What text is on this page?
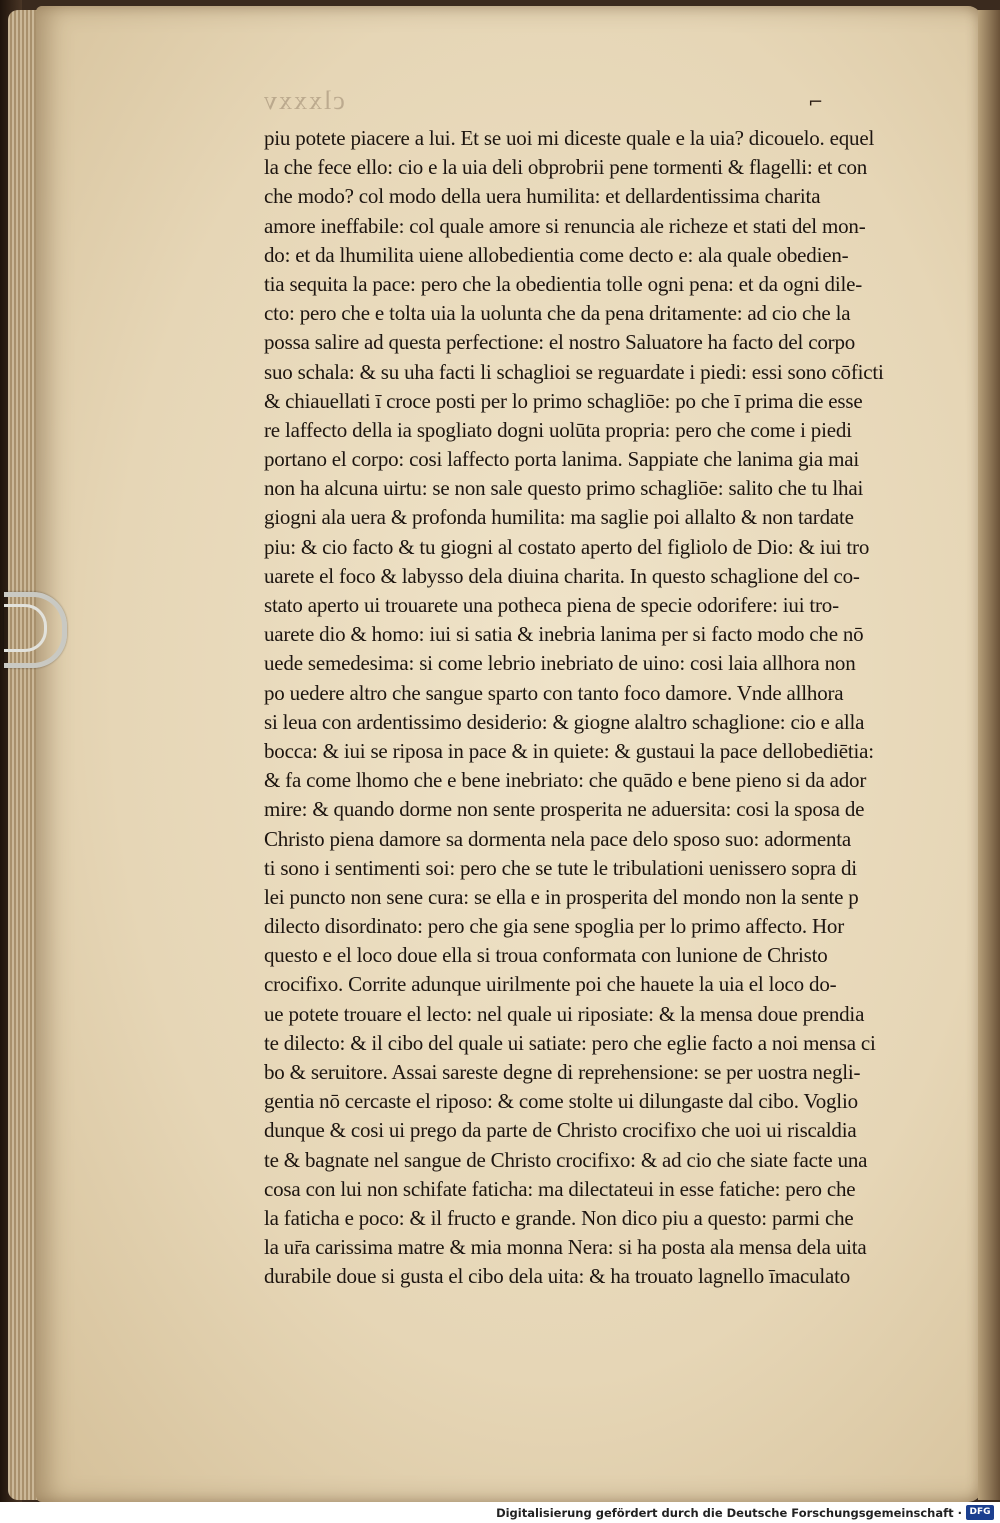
clxxxv	⌐
piu potete piacere a lui. Et se uoi mi diceste quale e la uia? dicouelo. equel
la che fece ello: cio e la uia deli obprobrii pene tormenti & flagelli: et con
che modo? col modo della uera humilita: et dellardentissima charita
amore ineffabile: col quale amore si renuncia ale richeze et stati del mon-
do: et da lhumilita uiene allobedientia come decto e: ala quale obedien-
tia sequita la pace: pero che la obedientia tolle ogni pena: et da ogni dile-
cto: pero che e tolta uia la uolunta che da pena dritamente: ad cio che la
possa salire ad questa perfectione: el nostro Saluatore ha facto del corpo
suo schala: & su uha facti li schaglioi se reguardate i piedi: essi sono cōficti
& chiauellati ī croce posti per lo primo schagliōe: po che ī prima die esse
re laffecto della ia spogliato dogni uolūta propria: pero che come i piedi
portano el corpo: cosi laffecto porta lanima. Sappiate che lanima gia mai
non ha alcuna uirtu: se non sale questo primo schagliōe: salito che tu lhai
giogni ala uera & profonda humilita: ma saglie poi allalto & non tardate
piu: & cio facto & tu giogni al costato aperto del figliolo de Dio: & iui tro
uarete el foco & labysso dela diuina charita. In questo schaglione del co-
stato aperto ui trouarete una potheca piena de specie odorifere: iui tro-
uarete dio & homo: iui si satia & inebria lanima per si facto modo che nō
uede semedesima: si come lebrio inebriato de uino: cosi laia allhora non
po uedere altro che sangue sparto con tanto foco damore. Vnde allhora
si leua con ardentissimo desiderio: & giogne alaltro schaglione: cio e alla
bocca: & iui se riposa in pace & in quiete: & gustaui la pace dellobediētia:
& fa come lhomo che e bene inebriato: che quādo e bene pieno si da ador
mire: & quando dorme non sente prosperita ne aduersita: cosi la sposa de
Christo piena damore sa dormenta nela pace delo sposo suo: adormenta
ti sono i sentimenti soi: pero che se tute le tribulationi uenissero sopra di
lei puncto non sene cura: se ella e in prosperita del mondo non la sente p
dilecto disordinato: pero che gia sene spoglia per lo primo affecto. Hor
questo e el loco doue ella si troua conformata con lunione de Christo
crocifixo. Corrite adunque uirilmente poi che hauete la uia el loco do-
ue potete trouare el lecto: nel quale ui riposiate: & la mensa doue prendia
te dilecto: & il cibo del quale ui satiate: pero che eglie facto a noi mensa ci
bo & seruitore. Assai sareste degne di reprehensione: se per uostra negli-
gentia nō cercaste el riposo: & come stolte ui dilungaste dal cibo. Voglio
dunque & cosi ui prego da parte de Christo crocifixo che uoi ui riscaldia
te & bagnate nel sangue de Christo crocifixo: & ad cio che siate facte una
cosa con lui non schifate faticha: ma dilectateui in esse fatiche: pero che
la faticha e poco: & il fructo e grande. Non dico piu a questo: parmi che
la ur̄a carissima matre & mia monna Nera: si ha posta ala mensa dela uita
durabile doue si gusta el cibo dela uita: & ha trouato lagnello īmaculato
Digitalisierung gefördert durch die Deutsche Forschungsgemeinschaft · DFG
